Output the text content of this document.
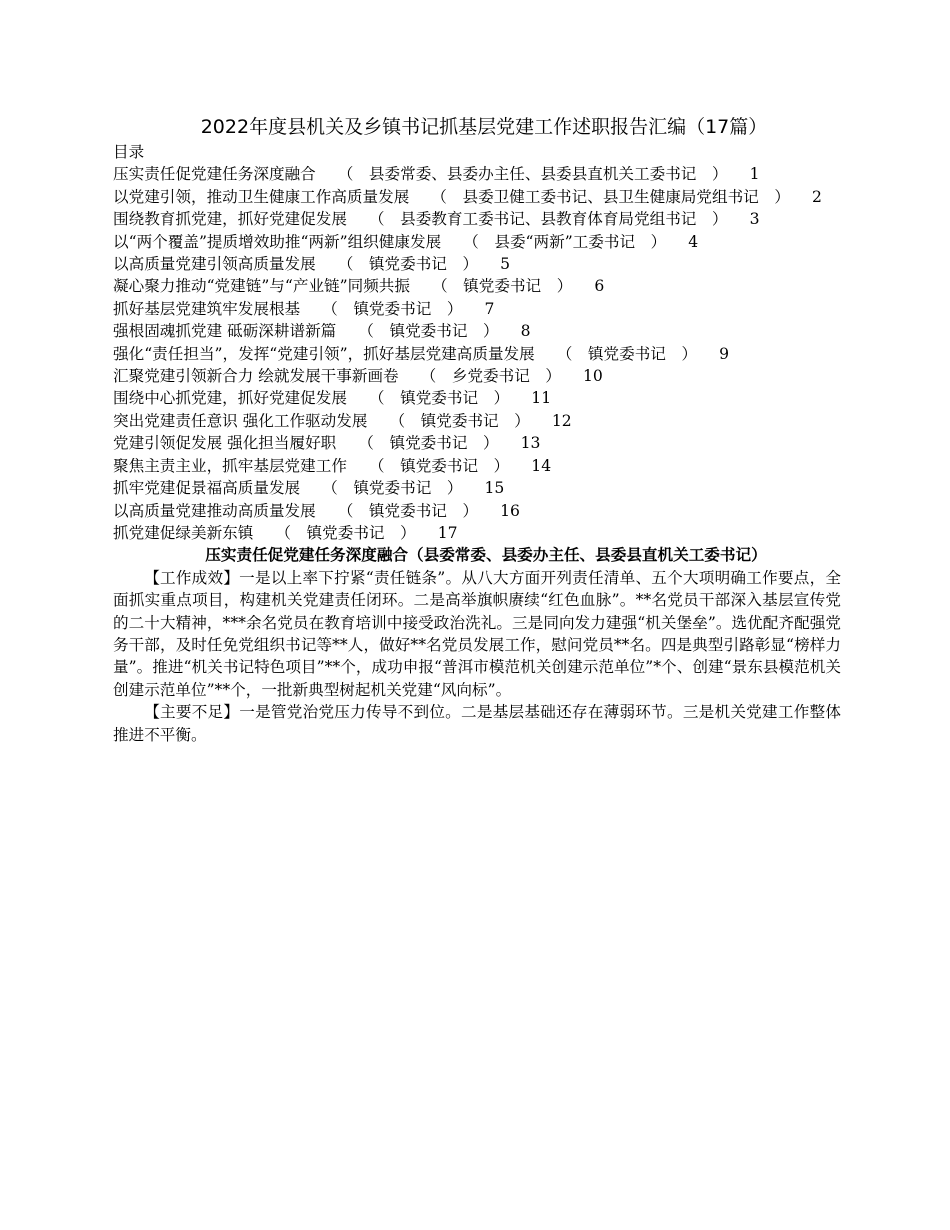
2022年度县机关及乡镇书记抓基层党建工作述职报告汇编（17篇）
目录
压实责任促党建任务深度融合 （　县委常委、县委办主任、县委县直机关工委书记　） 1
以党建引领，推动卫生健康工作高质量发展 （　县委卫健工委书记、县卫生健康局党组书记　） 2
围绕教育抓党建，抓好党建促发展 （　县委教育工委书记、县教育体育局党组书记　） 3
以“两个覆盖”提质增效助推“两新”组织健康发展 （　县委“两新”工委书记　） 4
以高质量党建引领高质量发展 （　镇党委书记　） 5
凝心聚力推动“党建链”与“产业链”同频共振 （　镇党委书记　） 6
抓好基层党建筑牢发展根基 （　镇党委书记　） 7
强根固魂抓党建 砥砺深耕谱新篇 （　镇党委书记　） 8
强化“责任担当”，发挥“党建引领”，抓好基层党建高质量发展 （　镇党委书记　） 9
汇聚党建引领新合力 绘就发展干事新画卷 （　乡党委书记　） 10
围绕中心抓党建，抓好党建促发展 （　镇党委书记　） 11
突出党建责任意识 强化工作驱动发展 （　镇党委书记　） 12
党建引领促发展 强化担当履好职 （　镇党委书记　） 13
聚焦主责主业，抓牢基层党建工作 （　镇党委书记　） 14
抓牢党建促景福高质量发展 （　镇党委书记　） 15
以高质量党建推动高质量发展 （　镇党委书记　） 16
抓党建促绿美新东镇 （　镇党委书记　） 17
压实责任促党建任务深度融合（县委常委、县委办主任、县委县直机关工委书记）

【工作成效】一是以上率下拧紧“责任链条”。从八大方面开列责任清单、五个大项明确工作要点，全面抓实重点项目，构建机关党建责任闭环。二是高举旗帜赓续“红色血脉”。**名党员干部深入基层宣传党的二十大精神，***余名党员在教育培训中接受政治洗礼。三是同向发力建强“机关堡垒”。选优配齐配强党务干部，及时任免党组织书记等**人，做好**名党员发展工作，慰问党员**名。四是典型引路彰显“榜样力量”。推进“机关书记特色项目”**个，成功申报“普洱市模范机关创建示范单位”*个、创建“景东县模范机关创建示范单位”**个，一批新典型树起机关党建“风向标”。

【主要不足】一是管党治党压力传导不到位。二是基层基础还存在薄弱环节。三是机关党建工作整体推进不平衡。
